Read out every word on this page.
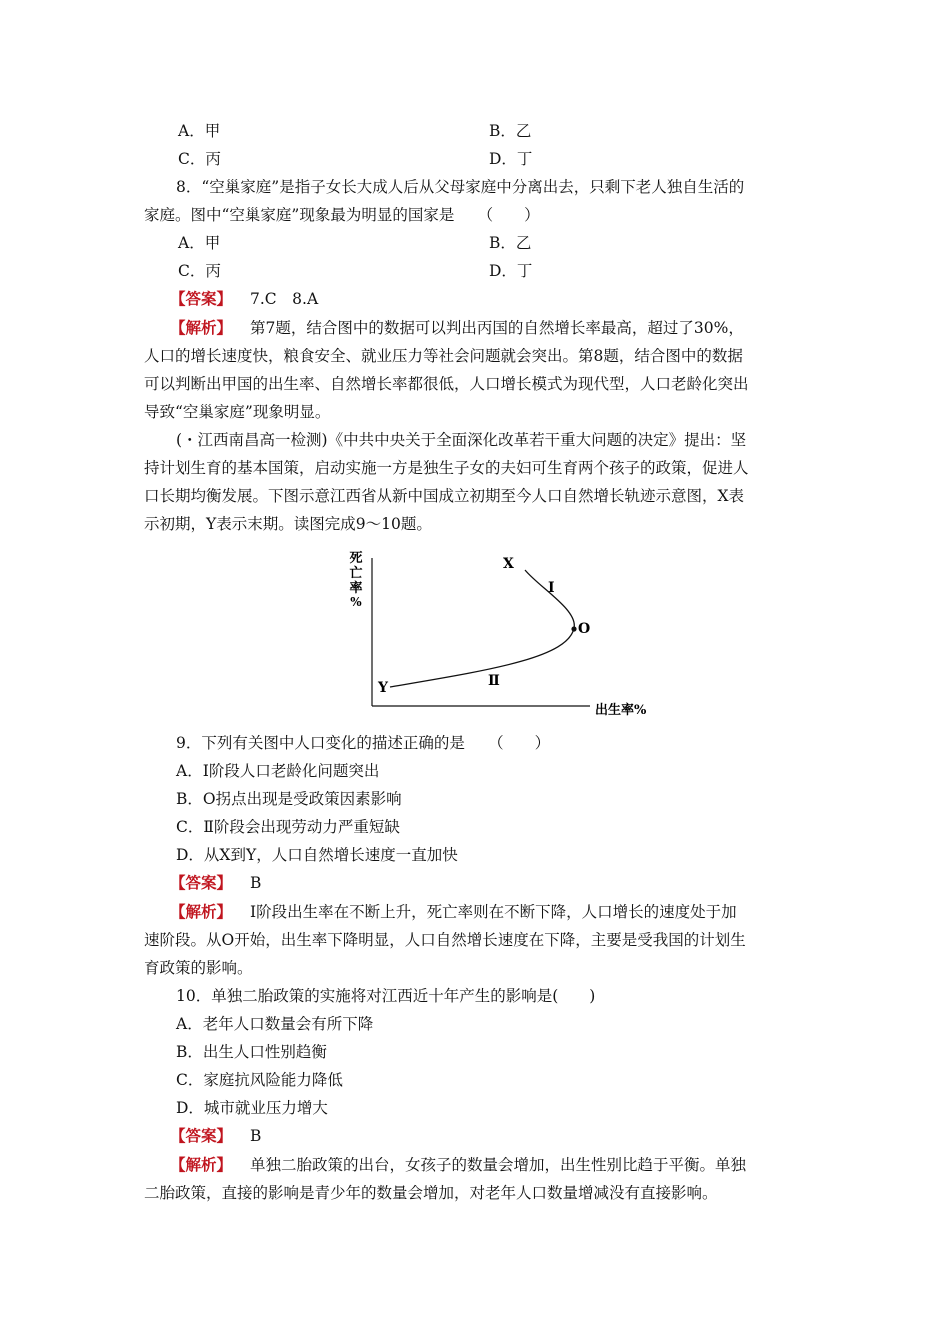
A．甲	B．乙
C．丙	D．丁
8．“空巢家庭”是指子女长大成人后从父母家庭中分离出去，只剩下老人独自生活的
家庭。图中“空巢家庭”现象最为明显的国家是　　（　　）
A．甲	B．乙
C．丙	D．丁
【答案】 7.C　8.A
【解析】 第7题，结合图中的数据可以判出丙国的自然增长率最高，超过了30%，
人口的增长速度快，粮食安全、就业压力等社会问题就会突出。第8题，结合图中的数据
可以判断出甲国的出生率、自然增长率都很低，人口增长模式为现代型，人口老龄化突出
导致“空巢家庭”现象明显。
(・江西南昌高一检测)《中共中央关于全面深化改革若干重大问题的决定》提出：坚
持计划生育的基本国策，启动实施一方是独生子女的夫妇可生育两个孩子的政策，促进人
口长期均衡发展。下图示意江西省从新中国成立初期至今人口自然增长轨迹示意图，X表
示初期，Y表示末期。读图完成9～10题。
死
亡
率
%
出生率%
X
I
O
Ⅱ
Y
9．下列有关图中人口变化的描述正确的是　　（　　）
A．Ⅰ阶段人口老龄化问题突出
B．O拐点出现是受政策因素影响
C．Ⅱ阶段会出现劳动力严重短缺
D．从X到Y，人口自然增长速度一直加快
【答案】 B
【解析】 Ⅰ阶段出生率在不断上升，死亡率则在不断下降，人口增长的速度处于加
速阶段。从O开始，出生率下降明显，人口自然增长速度在下降，主要是受我国的计划生
育政策的影响。
10．单独二胎政策的实施将对江西近十年产生的影响是(　　)
A．老年人口数量会有所下降
B．出生人口性别趋衡
C．家庭抗风险能力降低
D．城市就业压力增大
【答案】 B
【解析】 单独二胎政策的出台，女孩子的数量会增加，出生性别比趋于平衡。单独
二胎政策，直接的影响是青少年的数量会增加，对老年人口数量增减没有直接影响。
